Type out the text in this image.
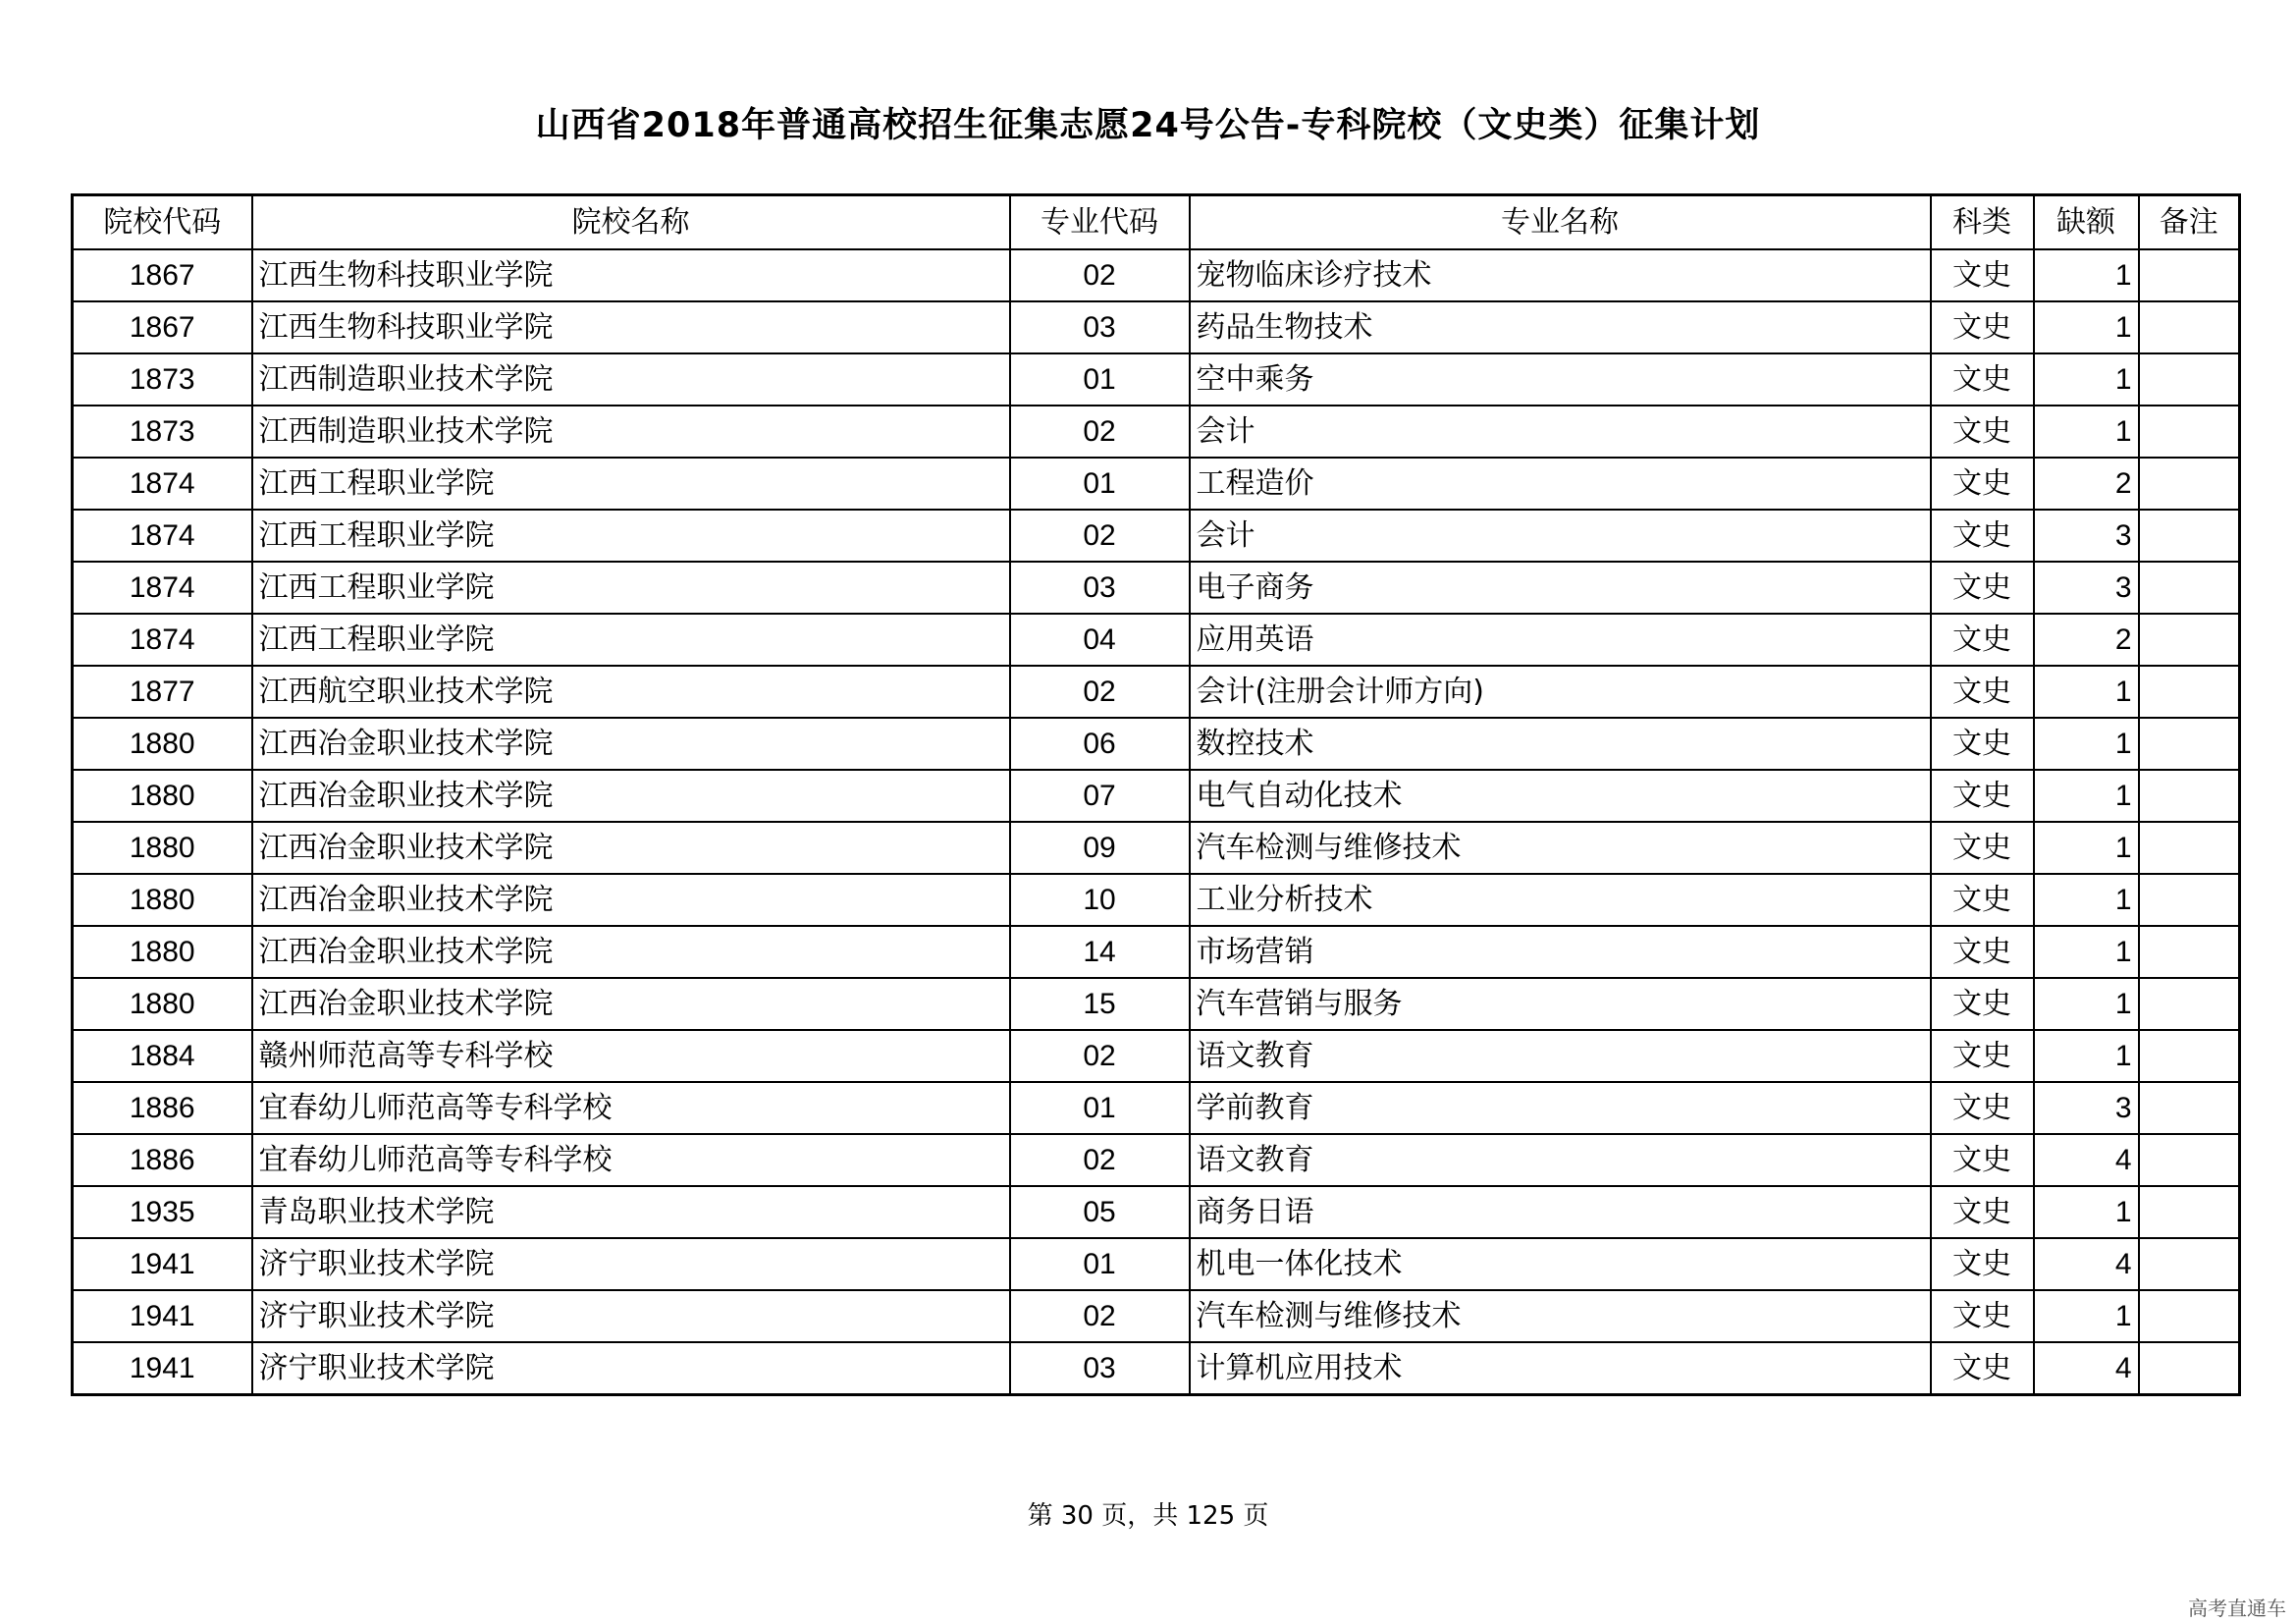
山西省2018年普通高校招生征集志愿24号公告-专科院校（文史类）征集计划
院校代码	院校名称	专业代码	专业名称	科类	缺额	备注
1867	江西生物科技职业学院	02	宠物临床诊疗技术	文史	1	
1867	江西生物科技职业学院	03	药品生物技术	文史	1	
1873	江西制造职业技术学院	01	空中乘务	文史	1	
1873	江西制造职业技术学院	02	会计	文史	1	
1874	江西工程职业学院	01	工程造价	文史	2	
1874	江西工程职业学院	02	会计	文史	3	
1874	江西工程职业学院	03	电子商务	文史	3	
1874	江西工程职业学院	04	应用英语	文史	2	
1877	江西航空职业技术学院	02	会计(注册会计师方向)	文史	1	
1880	江西冶金职业技术学院	06	数控技术	文史	1	
1880	江西冶金职业技术学院	07	电气自动化技术	文史	1	
1880	江西冶金职业技术学院	09	汽车检测与维修技术	文史	1	
1880	江西冶金职业技术学院	10	工业分析技术	文史	1	
1880	江西冶金职业技术学院	14	市场营销	文史	1	
1880	江西冶金职业技术学院	15	汽车营销与服务	文史	1	
1884	赣州师范高等专科学校	02	语文教育	文史	1	
1886	宜春幼儿师范高等专科学校	01	学前教育	文史	3	
1886	宜春幼儿师范高等专科学校	02	语文教育	文史	4	
1935	青岛职业技术学院	05	商务日语	文史	1	
1941	济宁职业技术学院	01	机电一体化技术	文史	4	
1941	济宁职业技术学院	02	汽车检测与维修技术	文史	1	
1941	济宁职业技术学院	03	计算机应用技术	文史	4	
第 30 页，共 125 页
高考直通车
